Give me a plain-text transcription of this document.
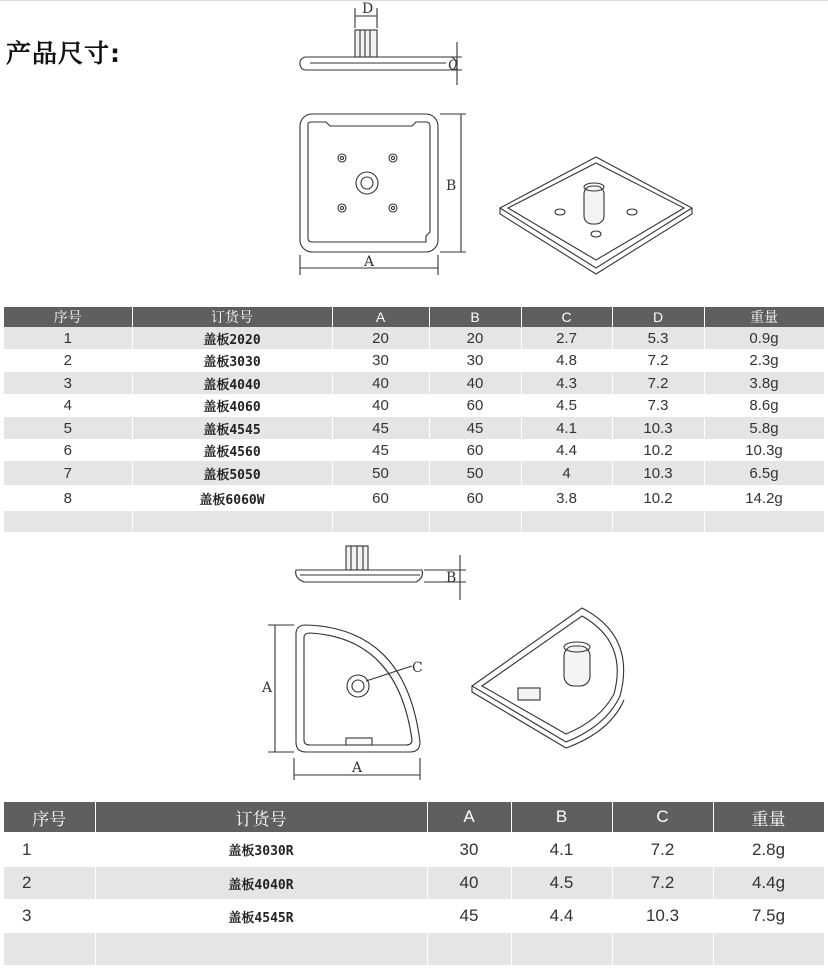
产品尺寸:
D
C
A
B
序号	订货号	A	B	C	D	重量
1	盖板2020	20	20	2.7	5.3	0.9g
2	盖板3030	30	30	4.8	7.2	2.3g
3	盖板4040	40	40	4.3	7.2	3.8g
4	盖板4060	40	60	4.5	7.3	8.6g
5	盖板4545	45	45	4.1	10.3	5.8g
6	盖板4560	45	60	4.4	10.2	10.3g
7	盖板5050	50	50	4	10.3	6.5g
8	盖板6060W	60	60	3.8	10.2	14.2g

A
A
C
B
序号	订货号	A	B	C	重量
1	盖板3030R	30	4.1	7.2	2.8g
2	盖板4040R	40	4.5	7.2	4.4g
3	盖板4545R	45	4.4	10.3	7.5g
